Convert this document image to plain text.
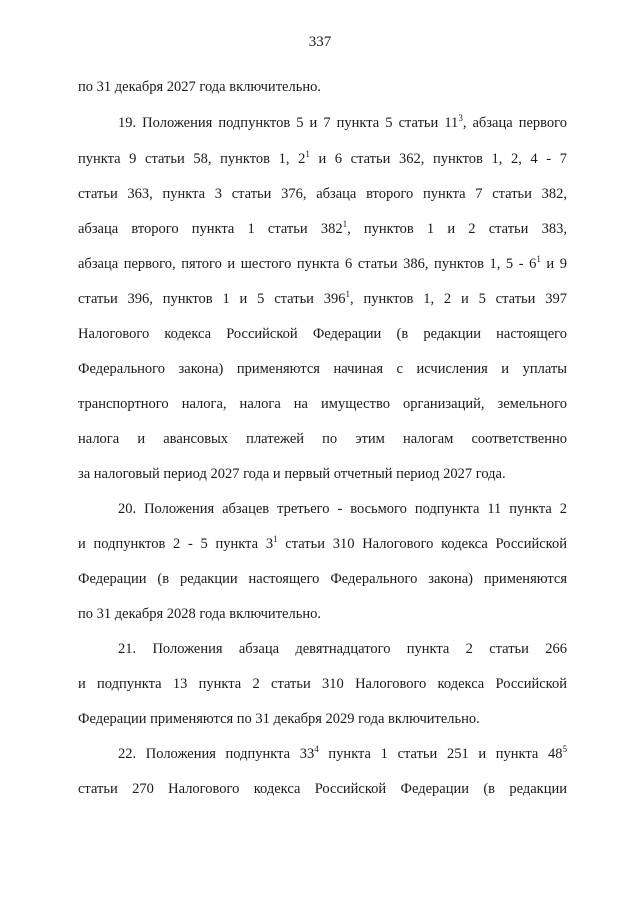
337
по 31 декабря 2027 года включительно.
19. Положения подпунктов 5 и 7 пункта 5 статьи $11^3$, абзаца первого
пункта 9 статьи 58, пунктов 1, $2^1$ и 6 статьи 362, пунктов 1, 2, 4 - 7
статьи 363, пункта 3 статьи 376, абзаца второго пункта 7 статьи 382,
абзаца второго пункта 1 статьи $382^1$, пунктов 1 и 2 статьи 383,
абзаца первого, пятого и шестого пункта 6 статьи 386, пунктов 1, $5 - 6^1$ и 9
статьи 396, пунктов 1 и 5 статьи $396^1$, пунктов 1, 2 и 5 статьи 397
Налогового кодекса Российской Федерации (в редакции настоящего
Федерального закона) применяются начиная с исчисления и уплаты
транспортного налога, налога на имущество организаций, земельного
налога и авансовых платежей по этим налогам соответственно
за налоговый период 2027 года и первый отчетный период 2027 года.
20. Положения абзацев третьего - восьмого подпункта 11 пункта 2
и подпунктов 2 - 5 пункта $3^1$ статьи 310 Налогового кодекса Российской
Федерации (в редакции настоящего Федерального закона) применяются
по 31 декабря 2028 года включительно.
21. Положения абзаца девятнадцатого пункта 2 статьи 266
и подпункта 13 пункта 2 статьи 310 Налогового кодекса Российской
Федерации применяются по 31 декабря 2029 года включительно.
22. Положения подпункта $33^4$ пункта 1 статьи 251 и пункта $48^5$
статьи 270 Налогового кодекса Российской Федерации (в редакции
